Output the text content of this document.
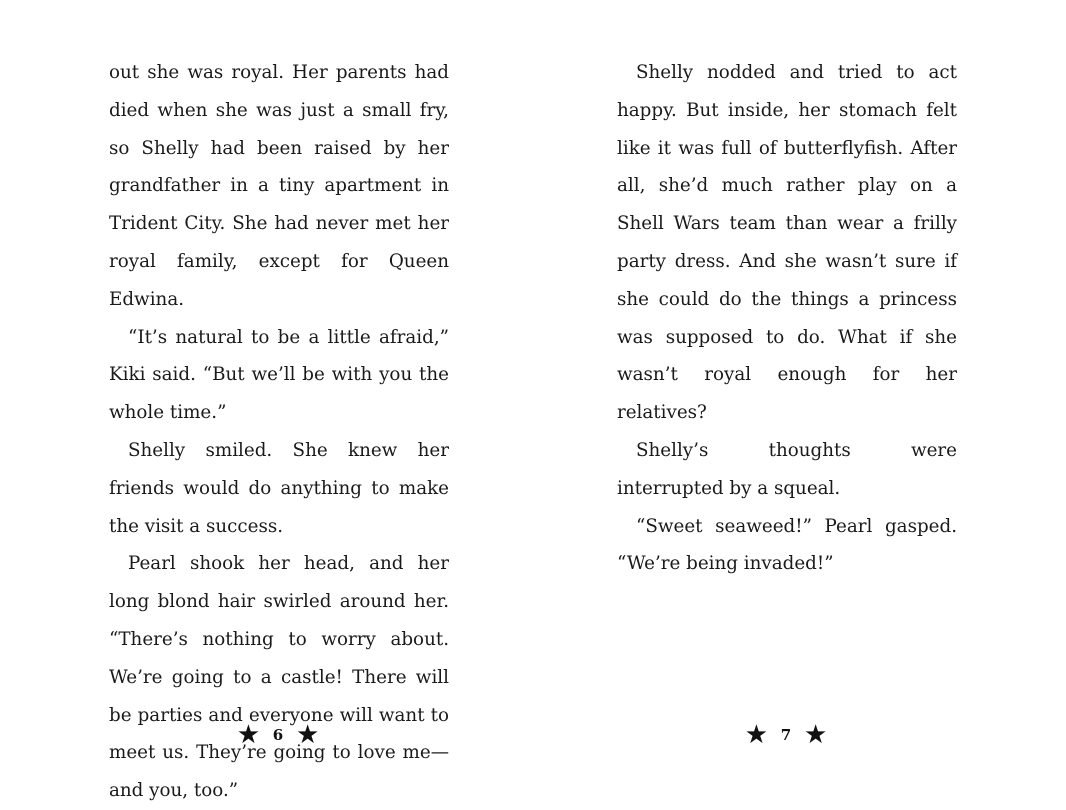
out she was royal. Her parents had died when she was just a small fry, so Shelly had been raised by her grandfather in a tiny apartment in Trident City. She had never met her royal family, except for Queen Edwina.

“It’s natural to be a little afraid,” Kiki said. “But we’ll be with you the whole time.”

Shelly smiled. She knew her friends would do anything to make the visit a success.

Pearl shook her head, and her long blond hair swirled around her. “There’s nothing to worry about. We’re going to a castle! There will be parties and everyone will want to meet us. They’re going to love me—and you, too.”

Shelly nodded and tried to act happy. But inside, her stomach felt like it was full of butterflyfish. After all, she’d much rather play on a Shell Wars team than wear a frilly party dress. And she wasn’t sure if she could do the things a princess was supposed to do. What if she wasn’t royal enough for her relatives?

Shelly’s thoughts were interrupted by a squeal.

“Sweet seaweed!” Pearl gasped. “We’re being invaded!”

★ 6 ★	★ 7 ★
